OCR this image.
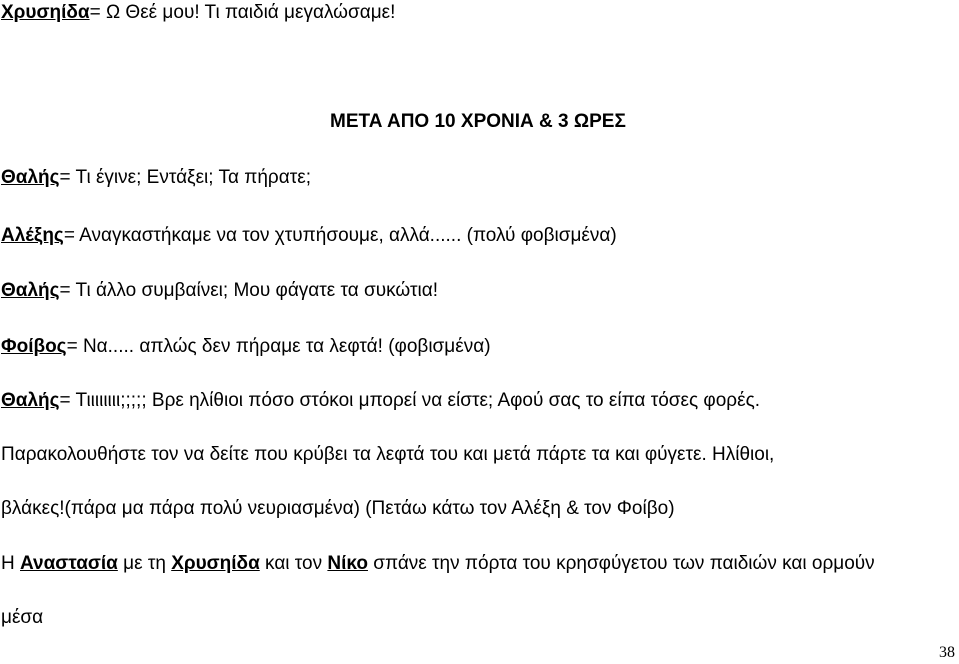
Χρυσηίδα= Ω Θεέ μου! Τι παιδιά μεγαλώσαμε!
ΜΕΤΑ ΑΠΟ 10 ΧΡΟΝΙΑ & 3 ΩΡΕΣ
Θαλής= Τι έγινε; Εντάξει; Τα πήρατε;
Αλέξης= Αναγκαστήκαμε να τον χτυπήσουμε, αλλά...... (πολύ φοβισμένα)
Θαλής= Τι άλλο συμβαίνει; Μου φάγατε τα συκώτια!
Φοίβος= Να..... απλώς δεν πήραμε τα λεφτά! (φοβισμένα)
Θαλής= Τιιιιιιιι;;;;; Βρε ηλίθιοι πόσο στόκοι μπορεί να είστε; Αφού σας το είπα τόσες φορές.
Παρακολουθήστε τον να δείτε που κρύβει τα λεφτά του και μετά πάρτε τα και φύγετε. Ηλίθιοι,
βλάκες!(πάρα μα πάρα πολύ νευριασμένα) (Πετάω κάτω τον Αλέξη & τον Φοίβο)
Η Αναστασία με τη Χρυσηίδα και τον Νίκο σπάνε την πόρτα του κρησφύγετου των παιδιών και ορμούν
μέσα
38
